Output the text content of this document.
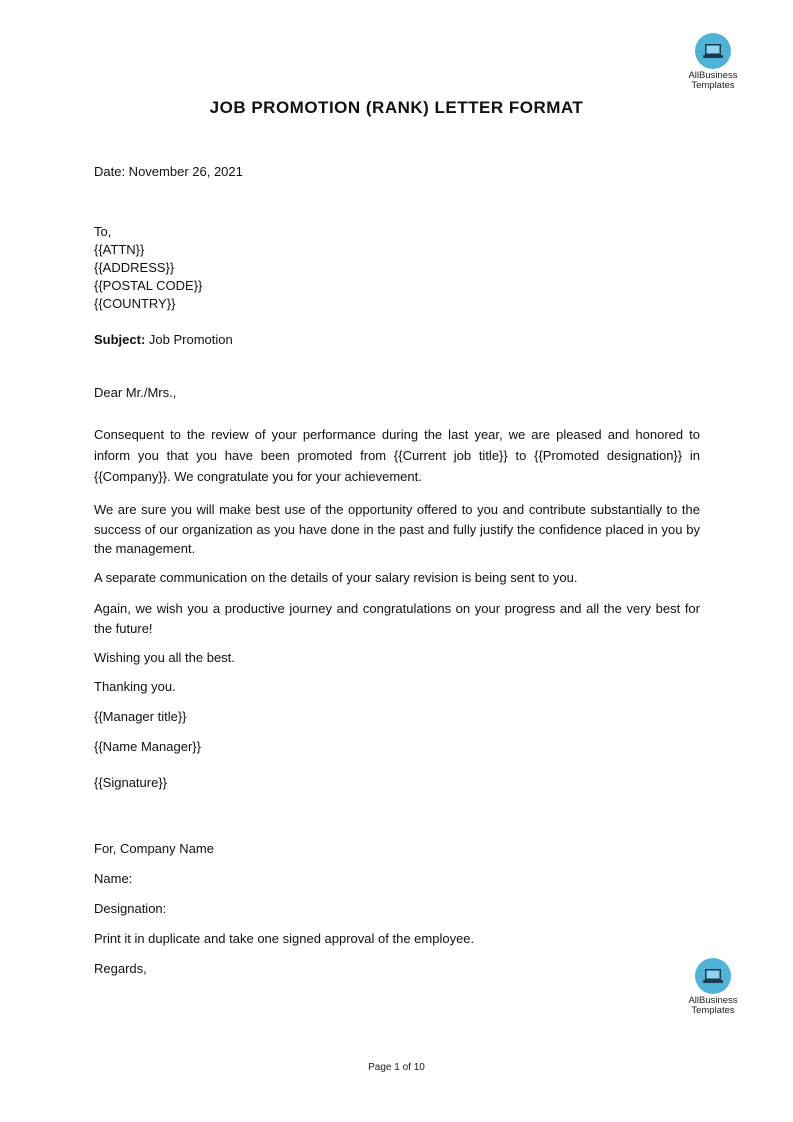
AllBusiness
Templates
JOB PROMOTION (RANK) LETTER FORMAT
Date: November 26, 2021
To,
{{ATTN}}
{{ADDRESS}}
{{POSTAL CODE}}
{{COUNTRY}}
Subject: Job Promotion
Dear Mr./Mrs.,
Consequent to the review of your performance during the last year, we are pleased and honored to inform you that you have been promoted from {{Current job title}} to {{Promoted designation}} in {{Company}}. We congratulate you for your achievement.
We are sure you will make best use of the opportunity offered to you and contribute substantially to the success of our organization as you have done in the past and fully justify the confidence placed in you by the management.
A separate communication on the details of your salary revision is being sent to you.
Again, we wish you a productive journey and congratulations on your progress and all the very best for the future!
Wishing you all the best.
Thanking you.
{{Manager title}}
{{Name Manager}}
{{Signature}}
For, Company Name
Name:
Designation:
Print it in duplicate and take one signed approval of the employee.
Regards,
AllBusiness
Templates
Page 1 of 10
